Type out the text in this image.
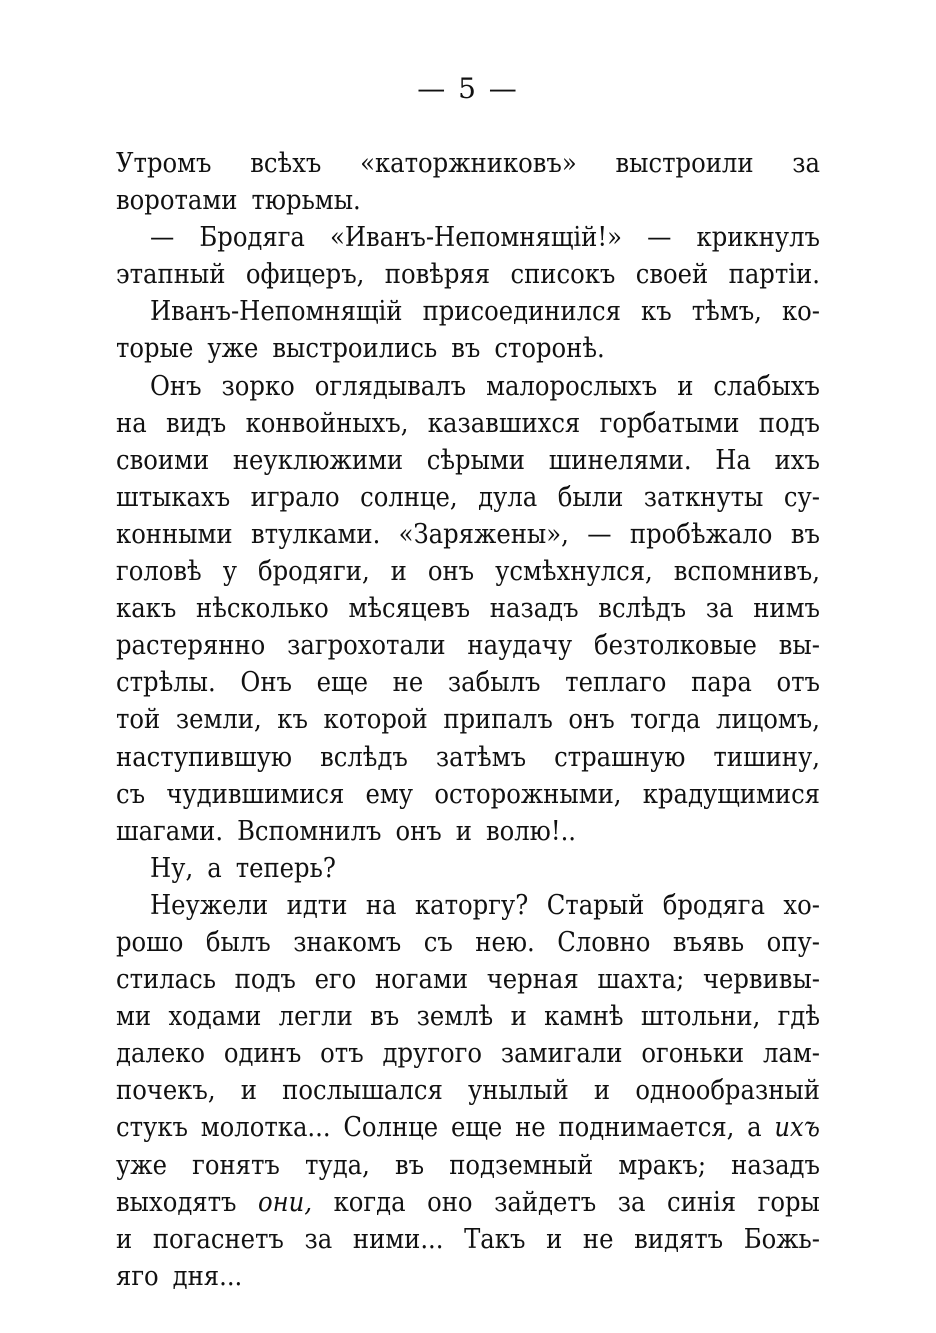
— 5 —
Утромъ всѣхъ «каторжниковъ» выстроили за
воротами тюрьмы.
— Бродяга «Иванъ-Непомнящій!» — крикнулъ
этапный офицеръ, повѣряя списокъ своей партіи.
Иванъ-Непомнящій присоединился къ тѣмъ, ко-
торые уже выстроились въ сторонѣ.
Онъ зорко оглядывалъ малорослыхъ и слабыхъ
на видъ конвойныхъ, казавшихся горбатыми подъ
своими неуклюжими сѣрыми шинелями. На ихъ
штыкахъ играло солнце, дула были заткнуты су-
конными втулками. «Заряжены», — пробѣжало въ
головѣ у бродяги, и онъ усмѣхнулся, вспомнивъ,
какъ нѣсколько мѣсяцевъ назадъ вслѣдъ за нимъ
растерянно загрохотали наудачу безтолковые вы-
стрѣлы. Онъ еще не забылъ теплаго пара отъ
той земли, къ которой припалъ онъ тогда лицомъ,
наступившую вслѣдъ затѣмъ страшную тишину,
съ чудившимися ему осторожными, крадущимися
шагами. Вспомнилъ онъ и волю!..
Ну, а теперь?
Неужели идти на каторгу? Старый бродяга хо-
рошо былъ знакомъ съ нею. Словно въявь опу-
стилась подъ его ногами черная шахта; червивы-
ми ходами легли въ землѣ и камнѣ штольни, гдѣ
далеко одинъ отъ другого замигали огоньки лам-
почекъ, и послышался унылый и однообразный
стукъ молотка... Солнце еще не поднимается, а ихъ
уже гонятъ туда, въ подземный мракъ; назадъ
выходятъ они, когда оно зайдетъ за синія горы
и погаснетъ за ними... Такъ и не видятъ Божь-
яго дня...
